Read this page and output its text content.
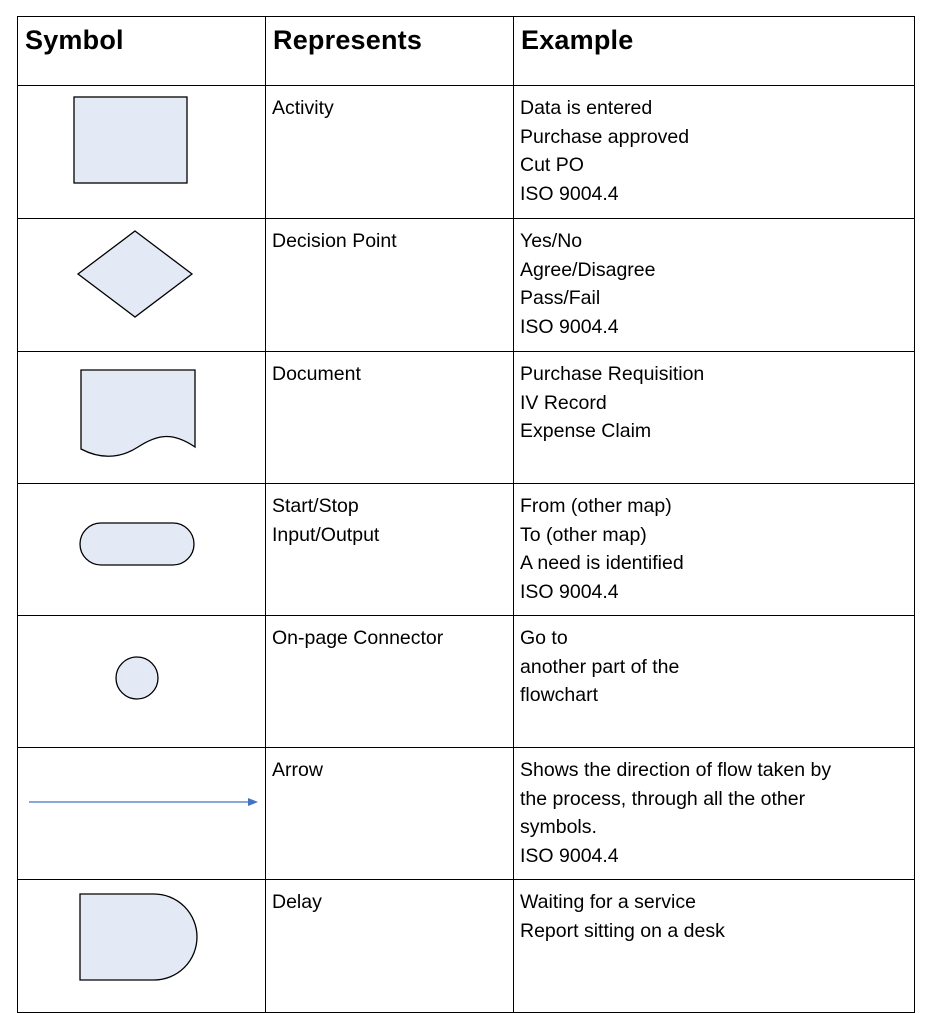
Symbol	Represents	Example

Activity	Data is entered
Purchase approved
Cut PO
ISO 9004.4

Decision Point	Yes/No
Agree/Disagree
Pass/Fail
ISO 9004.4

Document	Purchase Requisition
IV Record
Expense Claim

Start/Stop
Input/Output	From (other map)
To (other map)
A need is identified
ISO 9004.4

On-page Connector	Go to
another part of the
flowchart

Arrow	Shows the direction of flow taken by
the process, through all the other
symbols.
ISO 9004.4

Delay	Waiting for a service
Report sitting on a desk
